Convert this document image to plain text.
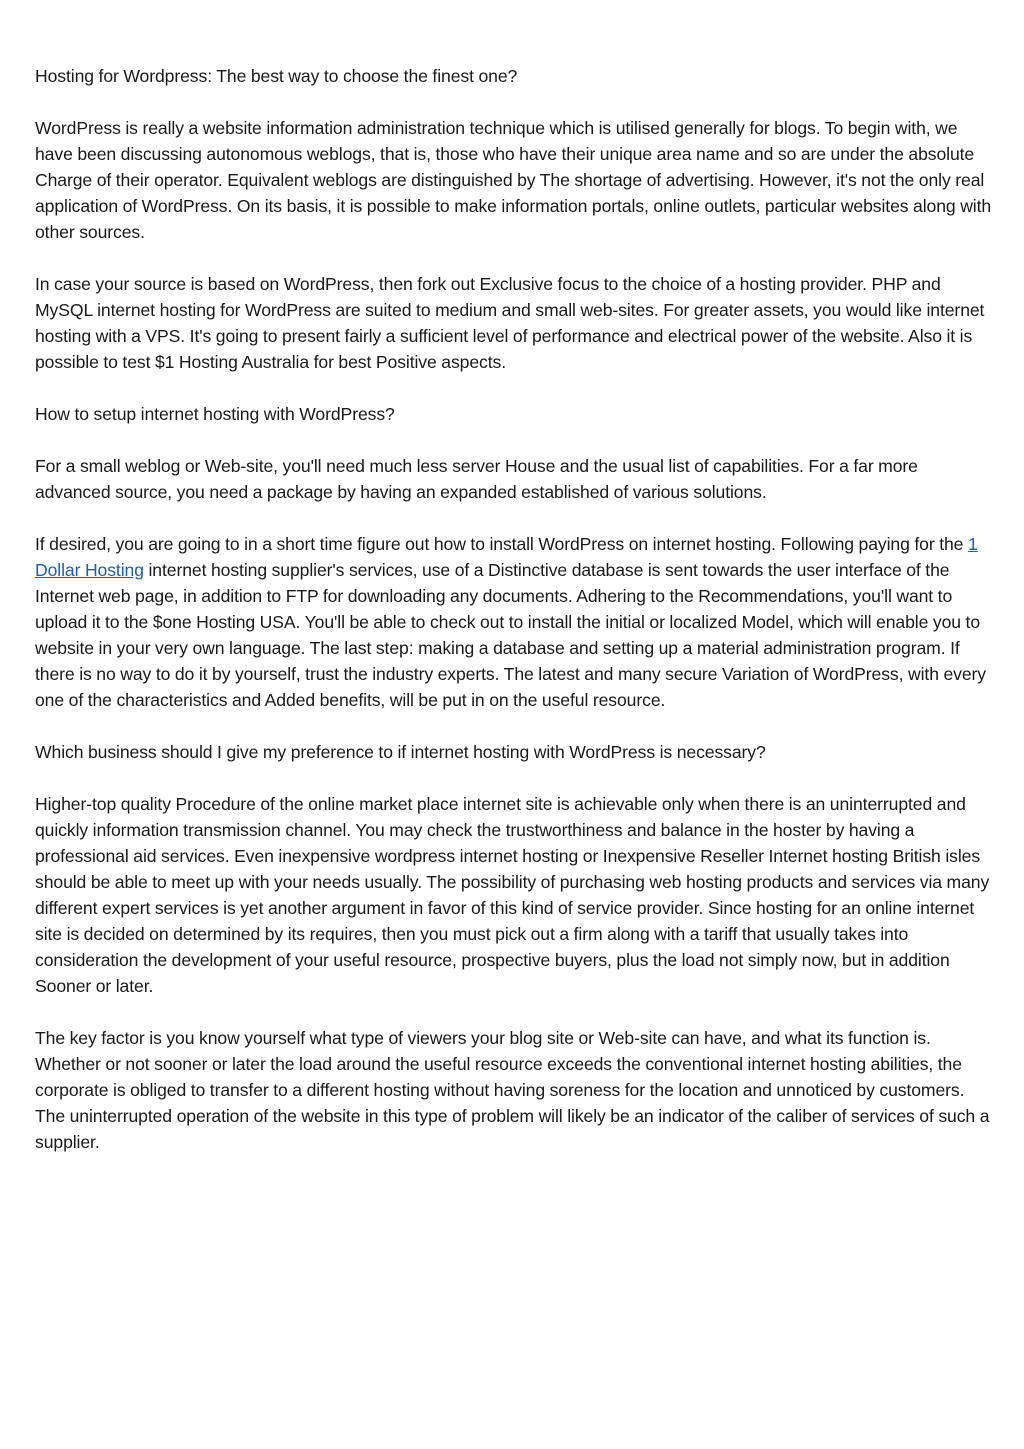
Hosting for Wordpress: The best way to choose the finest one?

WordPress is really a website information administration technique which is utilised generally for blogs. To begin with, we have been discussing autonomous weblogs, that is, those who have their unique area name and so are under the absolute Charge of their operator. Equivalent weblogs are distinguished by The shortage of advertising. However, it's not the only real application of WordPress. On its basis, it is possible to make information portals, online outlets, particular websites along with other sources.

In case your source is based on WordPress, then fork out Exclusive focus to the choice of a hosting provider. PHP and MySQL internet hosting for WordPress are suited to medium and small web-sites. For greater assets, you would like internet hosting with a VPS. It's going to present fairly a sufficient level of performance and electrical power of the website. Also it is possible to test $1 Hosting Australia for best Positive aspects.

How to setup internet hosting with WordPress?

For a small weblog or Web-site, you'll need much less server House and the usual list of capabilities. For a far more advanced source, you need a package by having an expanded established of various solutions.

If desired, you are going to in a short time figure out how to install WordPress on internet hosting. Following paying for the 1 Dollar Hosting internet hosting supplier's services, use of a Distinctive database is sent towards the user interface of the Internet web page, in addition to FTP for downloading any documents. Adhering to the Recommendations, you'll want to upload it to the $one Hosting USA. You'll be able to check out to install the initial or localized Model, which will enable you to website in your very own language. The last step: making a database and setting up a material administration program. If there is no way to do it by yourself, trust the industry experts. The latest and many secure Variation of WordPress, with every one of the characteristics and Added benefits, will be put in on the useful resource.

Which business should I give my preference to if internet hosting with WordPress is necessary?

Higher-top quality Procedure of the online market place internet site is achievable only when there is an uninterrupted and quickly information transmission channel. You may check the trustworthiness and balance in the hoster by having a professional aid services. Even inexpensive wordpress internet hosting or Inexpensive Reseller Internet hosting British isles should be able to meet up with your needs usually. The possibility of purchasing web hosting products and services via many different expert services is yet another argument in favor of this kind of service provider. Since hosting for an online internet site is decided on determined by its requires, then you must pick out a firm along with a tariff that usually takes into consideration the development of your useful resource, prospective buyers, plus the load not simply now, but in addition Sooner or later.

The key factor is you know yourself what type of viewers your blog site or Web-site can have, and what its function is. Whether or not sooner or later the load around the useful resource exceeds the conventional internet hosting abilities, the corporate is obliged to transfer to a different hosting without having soreness for the location and unnoticed by customers. The uninterrupted operation of the website in this type of problem will likely be an indicator of the caliber of services of such a supplier.
